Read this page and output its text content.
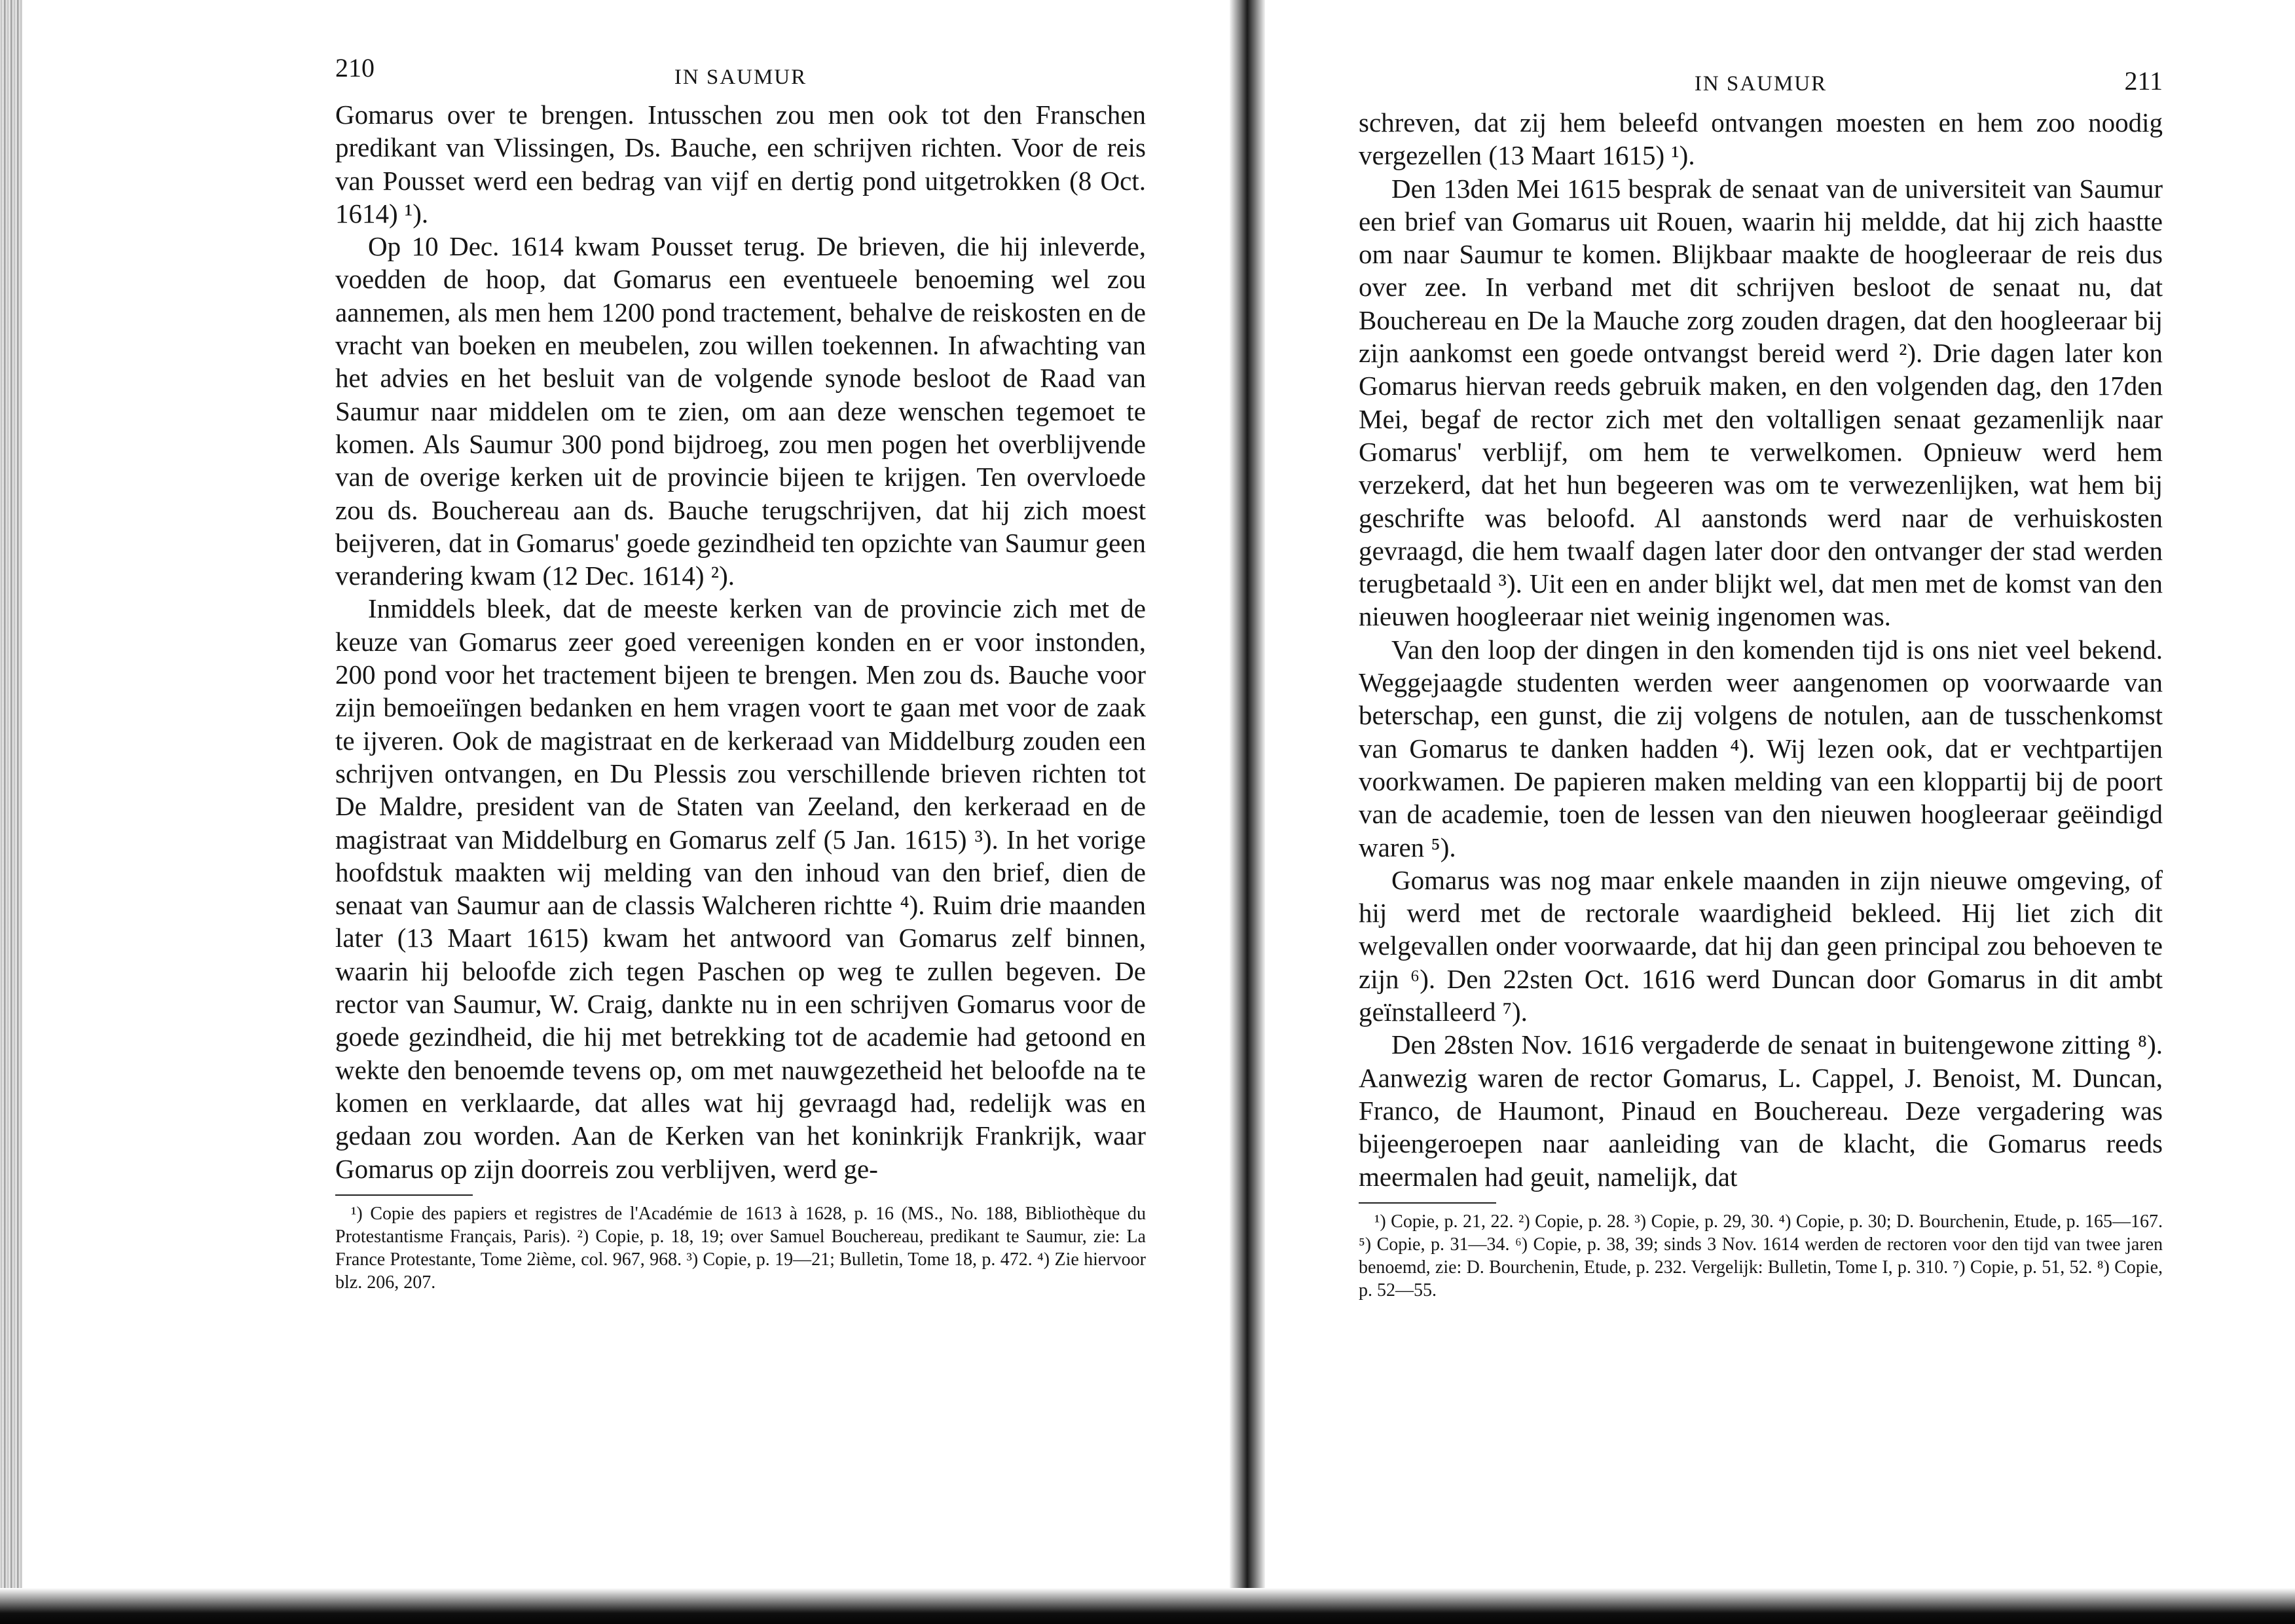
210	IN SAUMUR

Gomarus over te brengen. Intusschen zou men ook tot den Franschen predikant van Vlissingen, Ds. Bauche, een schrijven richten. Voor de reis van Pousset werd een bedrag van vijf en dertig pond uitgetrokken (8 Oct. 1614) ¹).

Op 10 Dec. 1614 kwam Pousset terug. De brieven, die hij inleverde, voedden de hoop, dat Gomarus een eventueele benoeming wel zou aannemen, als men hem 1200 pond tractement, behalve de reiskosten en de vracht van boeken en meubelen, zou willen toekennen. In afwachting van het advies en het besluit van de volgende synode besloot de Raad van Saumur naar middelen om te zien, om aan deze wenschen tegemoet te komen. Als Saumur 300 pond bijdroeg, zou men pogen het overblijvende van de overige kerken uit de provincie bijeen te krijgen. Ten overvloede zou ds. Bouchereau aan ds. Bauche terugschrijven, dat hij zich moest beijveren, dat in Gomarus' goede gezindheid ten opzichte van Saumur geen verandering kwam (12 Dec. 1614) ²).

Inmiddels bleek, dat de meeste kerken van de provincie zich met de keuze van Gomarus zeer goed vereenigen konden en er voor instonden, 200 pond voor het tractement bijeen te brengen. Men zou ds. Bauche voor zijn bemoeiïngen bedanken en hem vragen voort te gaan met voor de zaak te ijveren. Ook de magistraat en de kerkeraad van Middelburg zouden een schrijven ontvangen, en Du Plessis zou verschillende brieven richten tot De Maldre, president van de Staten van Zeeland, den kerkeraad en de magistraat van Middelburg en Gomarus zelf (5 Jan. 1615) ³). In het vorige hoofdstuk maakten wij melding van den inhoud van den brief, dien de senaat van Saumur aan de classis Walcheren richtte ⁴). Ruim drie maanden later (13 Maart 1615) kwam het antwoord van Gomarus zelf binnen, waarin hij beloofde zich tegen Paschen op weg te zullen begeven. De rector van Saumur, W. Craig, dankte nu in een schrijven Gomarus voor de goede gezindheid, die hij met betrekking tot de academie had getoond en wekte den benoemde tevens op, om met nauwgezetheid het beloofde na te komen en verklaarde, dat alles wat hij gevraagd had, redelijk was en gedaan zou worden. Aan de Kerken van het koninkrijk Frankrijk, waar Gomarus op zijn doorreis zou verblijven, werd ge-

¹) Copie des papiers et registres de l'Académie de 1613 à 1628, p. 16 (MS., No. 188, Bibliothèque du Protestantisme Français, Paris). ²) Copie, p. 18, 19; over Samuel Bouchereau, predikant te Saumur, zie: La France Protestante, Tome 2ième, col. 967, 968. ³) Copie, p. 19—21; Bulletin, Tome 18, p. 472. ⁴) Zie hiervoor blz. 206, 207.

IN SAUMUR	211

schreven, dat zij hem beleefd ontvangen moesten en hem zoo noodig vergezellen (13 Maart 1615) ¹).

Den 13den Mei 1615 besprak de senaat van de universiteit van Saumur een brief van Gomarus uit Rouen, waarin hij meldde, dat hij zich haastte om naar Saumur te komen. Blijkbaar maakte de hoogleeraar de reis dus over zee. In verband met dit schrijven besloot de senaat nu, dat Bouchereau en De la Mauche zorg zouden dragen, dat den hoogleeraar bij zijn aankomst een goede ontvangst bereid werd ²). Drie dagen later kon Gomarus hiervan reeds gebruik maken, en den volgenden dag, den 17den Mei, begaf de rector zich met den voltalligen senaat gezamenlijk naar Gomarus' verblijf, om hem te verwelkomen. Opnieuw werd hem verzekerd, dat het hun begeeren was om te verwezenlijken, wat hem bij geschrifte was beloofd. Al aanstonds werd naar de verhuiskosten gevraagd, die hem twaalf dagen later door den ontvanger der stad werden terugbetaald ³). Uit een en ander blijkt wel, dat men met de komst van den nieuwen hoogleeraar niet weinig ingenomen was.

Van den loop der dingen in den komenden tijd is ons niet veel bekend. Weggejaagde studenten werden weer aangenomen op voorwaarde van beterschap, een gunst, die zij volgens de notulen, aan de tusschenkomst van Gomarus te danken hadden ⁴). Wij lezen ook, dat er vechtpartijen voorkwamen. De papieren maken melding van een kloppartij bij de poort van de academie, toen de lessen van den nieuwen hoogleeraar geëindigd waren ⁵).

Gomarus was nog maar enkele maanden in zijn nieuwe omgeving, of hij werd met de rectorale waardigheid bekleed. Hij liet zich dit welgevallen onder voorwaarde, dat hij dan geen principal zou behoeven te zijn ⁶). Den 22sten Oct. 1616 werd Duncan door Gomarus in dit ambt geïnstalleerd ⁷).

Den 28sten Nov. 1616 vergaderde de senaat in buitengewone zitting ⁸). Aanwezig waren de rector Gomarus, L. Cappel, J. Benoist, M. Duncan, Franco, de Haumont, Pinaud en Bouchereau. Deze vergadering was bijeengeroepen naar aanleiding van de klacht, die Gomarus reeds meermalen had geuit, namelijk, dat

¹) Copie, p. 21, 22. ²) Copie, p. 28. ³) Copie, p. 29, 30. ⁴) Copie, p. 30; D. Bourchenin, Etude, p. 165—167. ⁵) Copie, p. 31—34. ⁶) Copie, p. 38, 39; sinds 3 Nov. 1614 werden de rectoren voor den tijd van twee jaren benoemd, zie: D. Bourchenin, Etude, p. 232. Vergelijk: Bulletin, Tome I, p. 310. ⁷) Copie, p. 51, 52. ⁸) Copie, p. 52—55.
